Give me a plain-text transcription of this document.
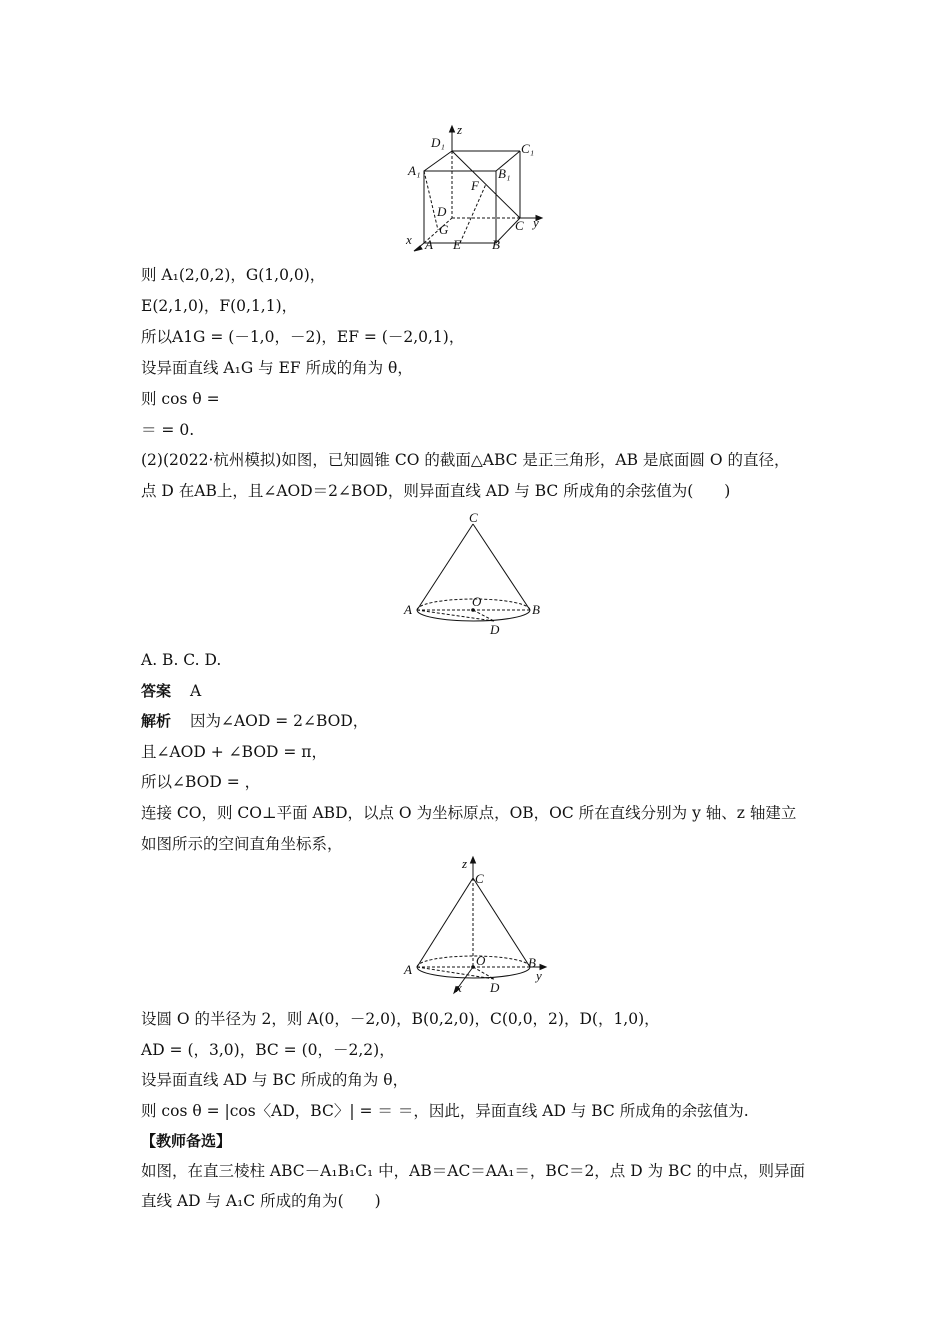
z
D₁	C₁
A₁	B₁
F
D
C y
G
x A E B
则 A₁(2,0,2)，G(1,0,0)，
E(2,1,0)，F(0,1,1)，
所以A1G = (－1,0，－2)，EF = (－2,0,1)，
设异面直线 A₁G 与 EF 所成的角为 θ，
则 cos θ =
＝ = 0.
(2)(2022·杭州模拟)如图，已知圆锥 CO 的截面△ABC 是正三角形，AB 是底面圆 O 的直径，
点 D 在AB上，且∠AOD＝2∠BOD，则异面直线 AD 与 BC 所成角的余弦值为(　　)
C
A
O
B
D
A. B. C. D.
答案 A
解析 因为∠AOD = 2∠BOD，
且∠AOD + ∠BOD = π，
所以∠BOD = ，
连接 CO，则 CO⊥平面 ABD，以点 O 为坐标原点，OB，OC 所在直线分别为 y 轴、z 轴建立
如图所示的空间直角坐标系，
z
C
A
O	B
y
x D
设圆 O 的半径为 2，则 A(0，－2,0)，B(0,2,0)，C(0,0，2)，D(，1,0)，
AD = (，3,0)，BC = (0，－2,2)，
设异面直线 AD 与 BC 所成的角为 θ，
则 cos θ = |cos〈AD，BC〉| = ＝ ＝，因此，异面直线 AD 与 BC 所成角的余弦值为.
【教师备选】
如图，在直三棱柱 ABC－A₁B₁C₁ 中，AB＝AC＝AA₁＝，BC＝2，点 D 为 BC 的中点，则异面
直线 AD 与 A₁C 所成的角为(　　)
